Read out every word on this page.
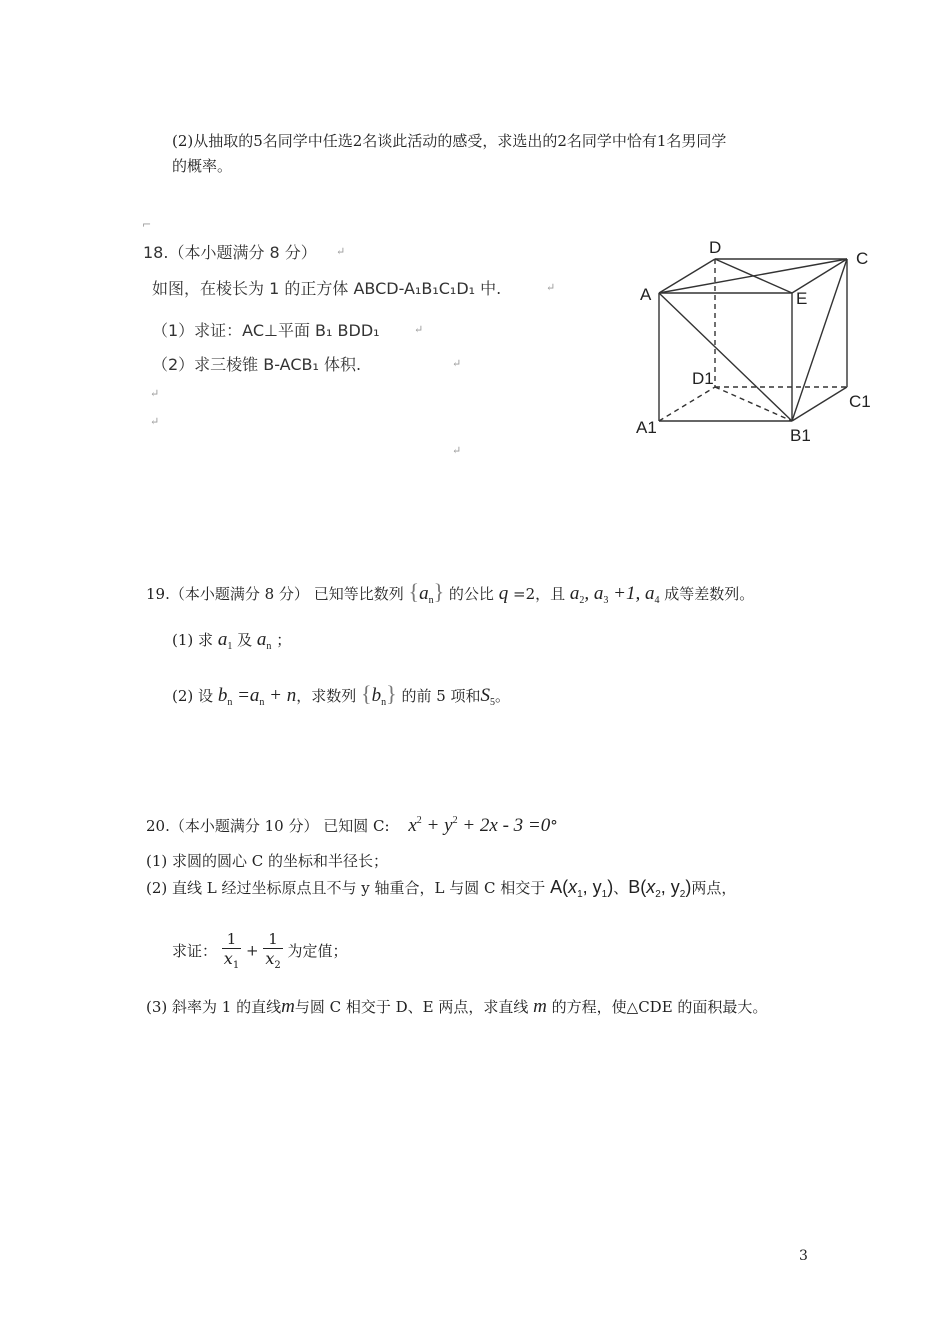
(2)从抽取的5名同学中任选2名谈此活动的感受，求选出的2名同学中恰有1名男同学
的概率。
⌐
18.（本小题满分 8 分） ↵
如图，在棱长为 1 的正方体 ABCD-A₁B₁C₁D₁ 中.	↵
（1）求证：AC⊥平面 B₁ BDD₁	↵
（2）求三棱锥 B-ACB₁ 体积.	↵
↵
↵
↵
D
C
A	E
D1
C1
A1	B1
19.（本小题满分 8 分） 已知等比数列 $\{a_n\}$ 的公比 q =2，且 $a_2$, $a_3 +1$, $a_4$ 成等差数列。
(1) 求 $a_1$ 及 $a_n$ ；
(2) 设 $b_n =a_n + n$，求数列 $\{b_n\}$ 的前 5 项和$S_5$。
20.（本小题满分 10 分） 已知圆 C: $x^2 + y^2 + 2x - 3 =0^\circ$
(1) 求圆的圆心 C 的坐标和半径长；
(2) 直线 L 经过坐标原点且不与 y 轴重合，L 与圆 C 相交于 $A(x_1$, $y_1$)、$B(x_2$, $y_2$)两点，
求证： $\frac{1}{x_1} + \frac{1}{x_2}$ 为定值；
(3) 斜率为 1 的直线m与圆 C 相交于 D、E 两点，求直线 m 的方程，使△CDE 的面积最大。
3
